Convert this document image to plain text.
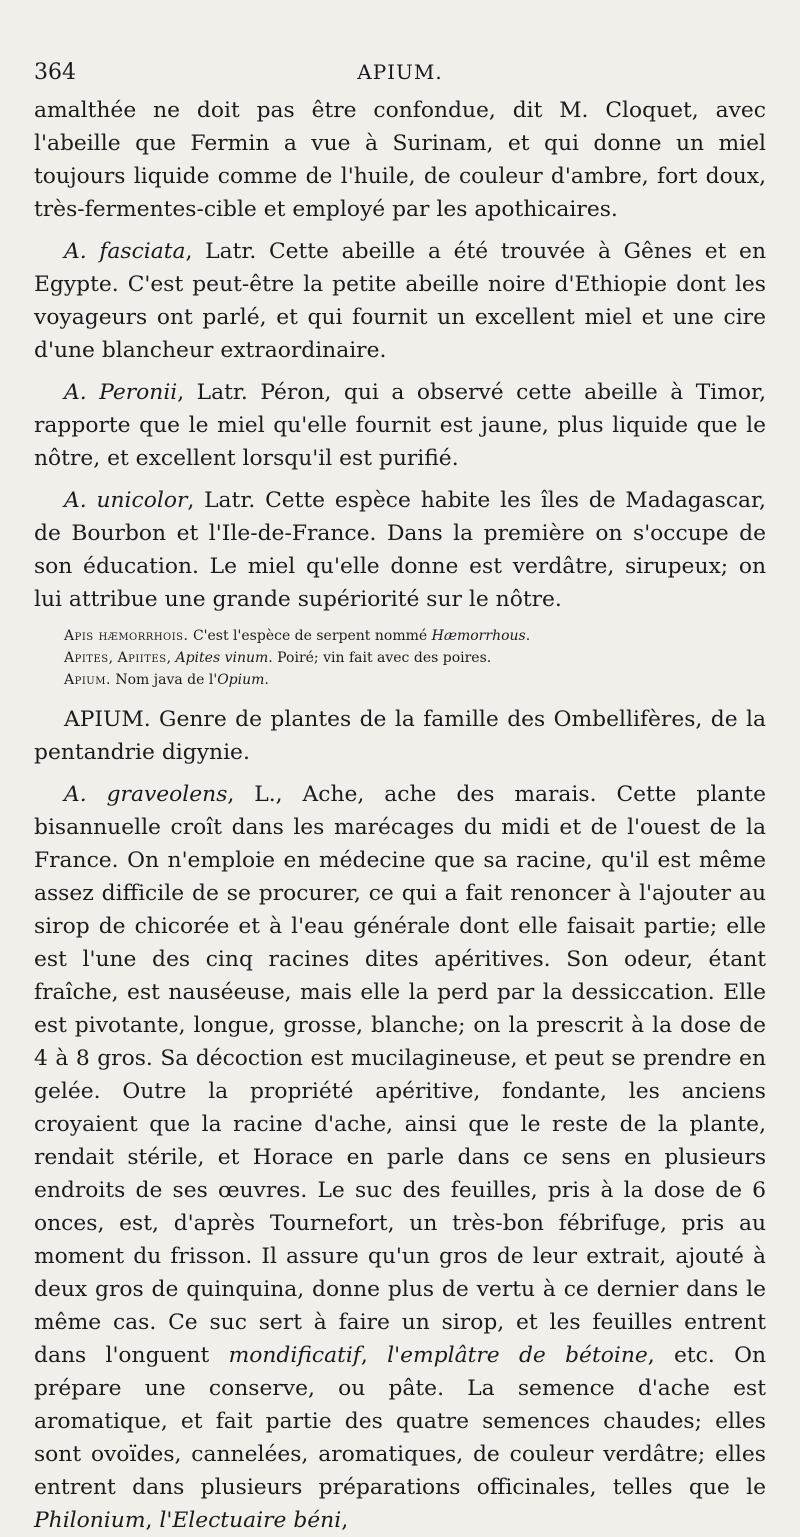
364	APIUM.

amalthée ne doit pas être confondue, dit M. Cloquet, avec l'abeille que Fermin a vue à Surinam, et qui donne un miel toujours liquide comme de l'huile, de couleur d'ambre, fort doux, très-fermentes-cible et employé par les apothicaires.

A. fasciata, Latr. Cette abeille a été trouvée à Gênes et en Egypte. C'est peut-être la petite abeille noire d'Ethiopie dont les voyageurs ont parlé, et qui fournit un excellent miel et une cire d'une blancheur extraordinaire.

A. Peronii, Latr. Péron, qui a observé cette abeille à Timor, rapporte que le miel qu'elle fournit est jaune, plus liquide que le nôtre, et excellent lorsqu'il est purifié.

A. unicolor, Latr. Cette espèce habite les îles de Madagascar, de Bourbon et l'Ile-de-France. Dans la première on s'occupe de son éducation. Le miel qu'elle donne est verdâtre, sirupeux; on lui attribue une grande supériorité sur le nôtre.

Apis hæmorrhois. C'est l'espèce de serpent nommé Hæmorrhous.

Apites, Apiites, Apites vinum. Poiré; vin fait avec des poires.

Apium. Nom java de l'Opium.

APIUM. Genre de plantes de la famille des Ombellifères, de la pentandrie digynie.

A. graveolens, L., Ache, ache des marais. Cette plante bisannuelle croît dans les marécages du midi et de l'ouest de la France. On n'emploie en médecine que sa racine, qu'il est même assez difficile de se procurer, ce qui a fait renoncer à l'ajouter au sirop de chicorée et à l'eau générale dont elle faisait partie; elle est l'une des cinq racines dites apéritives. Son odeur, étant fraîche, est nauséeuse, mais elle la perd par la dessiccation. Elle est pivotante, longue, grosse, blanche; on la prescrit à la dose de 4 à 8 gros. Sa décoction est mucilagineuse, et peut se prendre en gelée. Outre la propriété apéritive, fondante, les anciens croyaient que la racine d'ache, ainsi que le reste de la plante, rendait stérile, et Horace en parle dans ce sens en plusieurs endroits de ses œuvres. Le suc des feuilles, pris à la dose de 6 onces, est, d'après Tournefort, un très-bon fébrifuge, pris au moment du frisson. Il assure qu'un gros de leur extrait, ajouté à deux gros de quinquina, donne plus de vertu à ce dernier dans le même cas. Ce suc sert à faire un sirop, et les feuilles entrent dans l'onguent mondificatif, l'emplâtre de bétoine, etc. On prépare une conserve, ou pâte. La semence d'ache est aromatique, et fait partie des quatre semences chaudes; elles sont ovoïdes, cannelées, aromatiques, de couleur verdâtre; elles entrent dans plusieurs préparations officinales, telles que le Philonium, l'Electuaire béni,
